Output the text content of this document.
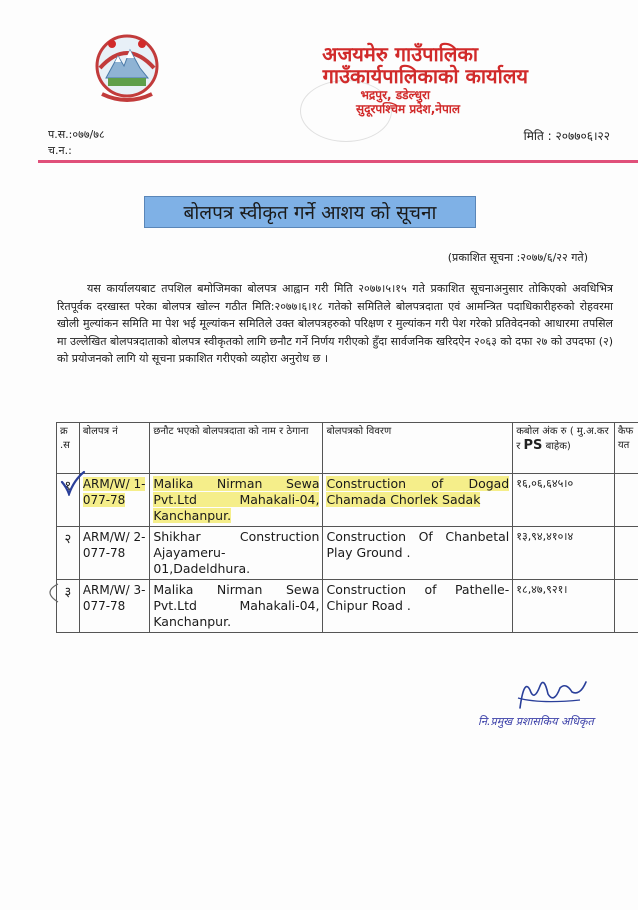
अजयमेरु गाउँपालिका
गाउँकार्यपालिकाको कार्यालय
भद्रपुर, डडेल्धुरा
सुदूरपश्चिम प्रदेश,नेपाल
प.स.:०७७/७८
च.न.:
मिति : २०७७०६।२२
बोलपत्र स्वीकृत गर्ने आशय को सूचना
(प्रकाशित सूचना :२०७७/६/२२ गते)
यस कार्यालयबाट तपशिल बमोजिमका बोलपत्र आह्वान गरी मिति २०७७।५।१५ गते प्रकाशित सूचनाअनुसार तोकिएको अवधिभित्र रितपूर्वक दरखास्त परेका बोलपत्र खोल्न गठीत मिति:२०७७।६।१८ गतेको समितिले बोलपत्रदाता एवं आमन्त्रित पदाधिकारीहरुको रोहवरमा खोली मुल्यांकन समिति मा पेश भई मूल्यांकन समितिले उक्त बोलपत्रहरुको परिक्षण र मुल्यांकन गरी पेश गरेको प्रतिवेदनको आधारमा तपसिल मा उल्लेखित बोलपत्रदाताको बोलपत्र स्वीकृतको लागि छनौट गर्ने निर्णय गरीएको हुँदा सार्वजनिक खरिदऐन २०६३ को दफा २७ को उपदफा (२) को प्रयोजनको लागि यो सूचना प्रकाशित गरीएको व्यहोरा अनुरोध छ ।
क्र .स	बोलपत्र नं	छनौट भएको बोलपत्रदाता को नाम र ठेगाना	बोलपत्रको विवरण	कबोल अंक रु ( मु.अ.कर र PS बाहेक)	कैफ यत
१	ARM/W/ 1-077-78	Malika Nirman Sewa Pvt.Ltd Mahakali-04, Kanchanpur.	Construction of Dogad Chamada Chorlek Sadak	१६,०६,६४५।०	
२	ARM/W/ 2-077-78	Shikhar Construction Ajayameru-01,Dadeldhura.	Construction Of Chanbetal Play Ground .	१३,९४,४१०।४	
३	ARM/W/ 3-077-78	Malika Nirman Sewa Pvt.Ltd Mahakali-04, Kanchanpur.	Construction of Pathelle-Chipur Road .	१८,४७,९२१।	
नि.प्रमुख प्रशासकिय अधिकृत
